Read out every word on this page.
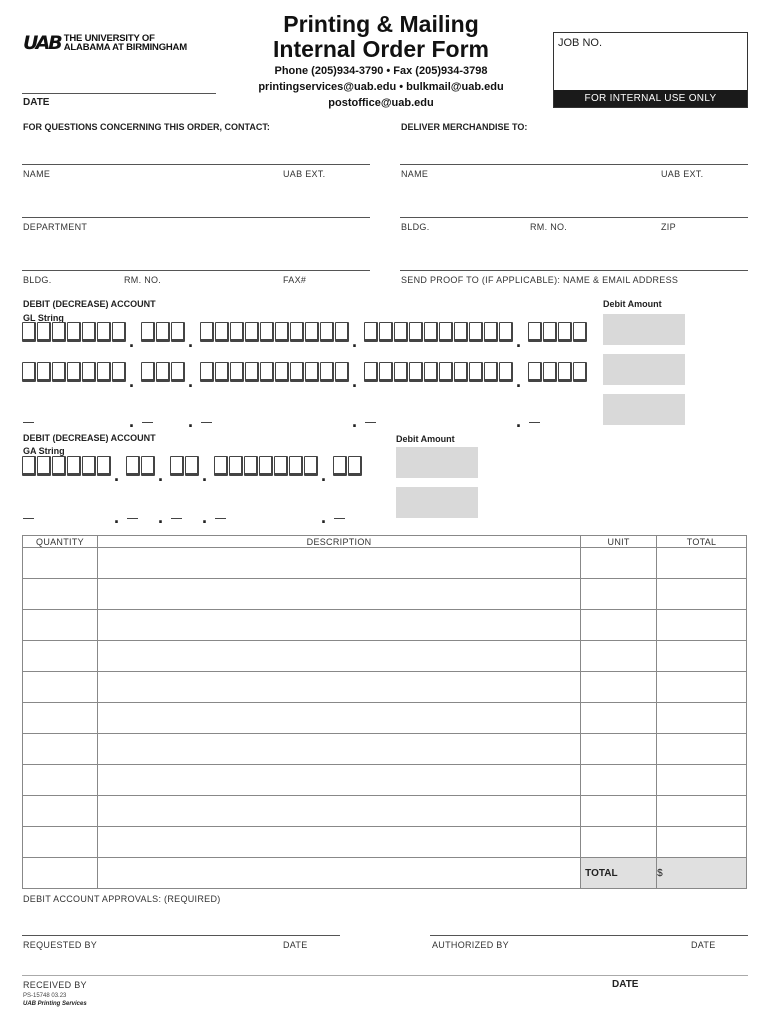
UAB THE UNIVERSITY OF
ALABAMA AT BIRMINGHAM
DATE
Printing & Mailing
Internal Order Form
Phone (205)934-3790 • Fax (205)934-3798
printingservices@uab.edu • bulkmail@uab.edu
postoffice@uab.edu
JOB NO.
FOR INTERNAL USE ONLY
FOR QUESTIONS CONCERNING THIS ORDER, CONTACT:	DELIVER MERCHANDISE TO:
NAME	UAB EXT.	NAME	UAB EXT.
DEPARTMENT	BLDG.	RM. NO.	ZIP
BLDG.	RM. NO.	FAX#	SEND PROOF TO (IF APPLICABLE): NAME & EMAIL ADDRESS
DEBIT (DECREASE) ACCOUNT
GL String
Debit Amount
.	.	.	.
.	.	.	.
.	.	.	.
DEBIT (DECREASE) ACCOUNT
GA String
Debit Amount
. . .	.
. . .	.
QUANTITY	DESCRIPTION	UNIT	TOTAL

		TOTAL	$
DEBIT ACCOUNT APPROVALS: (REQUIRED)
REQUESTED BY	DATE	AUTHORIZED BY	DATE
RECEIVED BY	DATE
PS-15748 03.23
UAB Printing Services
